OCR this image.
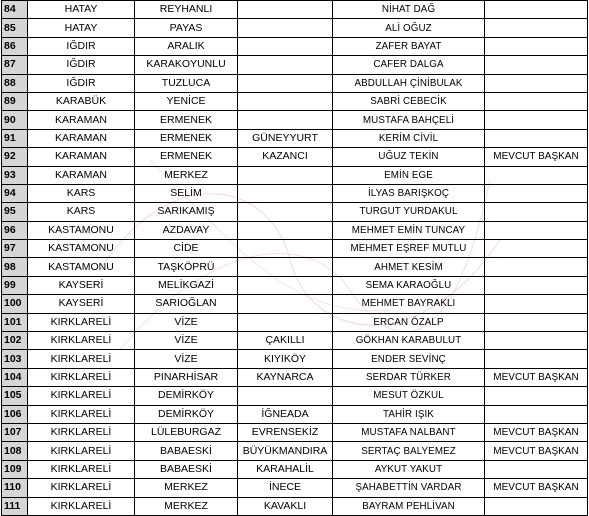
84	HATAY	REYHANLI		NİHAT DAĞ	
85	HATAY	PAYAS		ALİ OĞUZ	
86	IĞDIR	ARALIK		ZAFER BAYAT	
87	IĞDIR	KARAKOYUNLU		CAFER DALGA	
88	IĞDIR	TUZLUCA		ABDULLAH ÇİNİBULAK	
89	KARABÜK	YENİCE		SABRİ CEBECİK	
90	KARAMAN	ERMENEK		MUSTAFA BAHÇELİ	
91	KARAMAN	ERMENEK	GÜNEYYURT	KERİM CİVİL	
92	KARAMAN	ERMENEK	KAZANCI	UĞUZ TEKİN	MEVCUT BAŞKAN
93	KARAMAN	MERKEZ		EMİN EGE	
94	KARS	SELİM		İLYAS BARIŞKOÇ	
95	KARS	SARIKAMIŞ		TURGUT YURDAKUL	
96	KASTAMONU	AZDAVAY		MEHMET EMİN TUNCAY	
97	KASTAMONU	CİDE		MEHMET EŞREF MUTLU	
98	KASTAMONU	TAŞKÖPRÜ		AHMET KESİM	
99	KAYSERİ	MELİKGAZİ		SEMA KARAOĞLU	
100	KAYSERİ	SARIOĞLAN		MEHMET BAYRAKLI	
101	KIRKLARELİ	VİZE		ERCAN ÖZALP	
102	KIRKLARELİ	VİZE	ÇAKILLI	GÖKHAN KARABULUT	
103	KIRKLARELİ	VİZE	KIYIKÖY	ENDER SEVİNÇ	
104	KIRKLARELİ	PINARHİSAR	KAYNARCA	SERDAR TÜRKER	MEVCUT BAŞKAN
105	KIRKLARELİ	DEMİRKÖY		MESUT ÖZKUL	
106	KIRKLARELİ	DEMİRKÖY	İĞNEADA	TAHİR IŞIK	
107	KIRKLARELİ	LÜLEBURGAZ	EVRENSEKİZ	MUSTAFA NALBANT	MEVCUT BAŞKAN
108	KIRKLARELİ	BABAESKİ	BÜYÜKMANDIRA	SERTAÇ BALYEMEZ	MEVCUT BAŞKAN
109	KIRKLARELİ	BABAESKİ	KARAHALİL	AYKUT YAKUT	
110	KIRKLARELİ	MERKEZ	İNECE	ŞAHABETTİN VARDAR	MEVCUT BAŞKAN
111	KIRKLARELİ	MERKEZ	KAVAKLI	BAYRAM PEHLİVAN	
